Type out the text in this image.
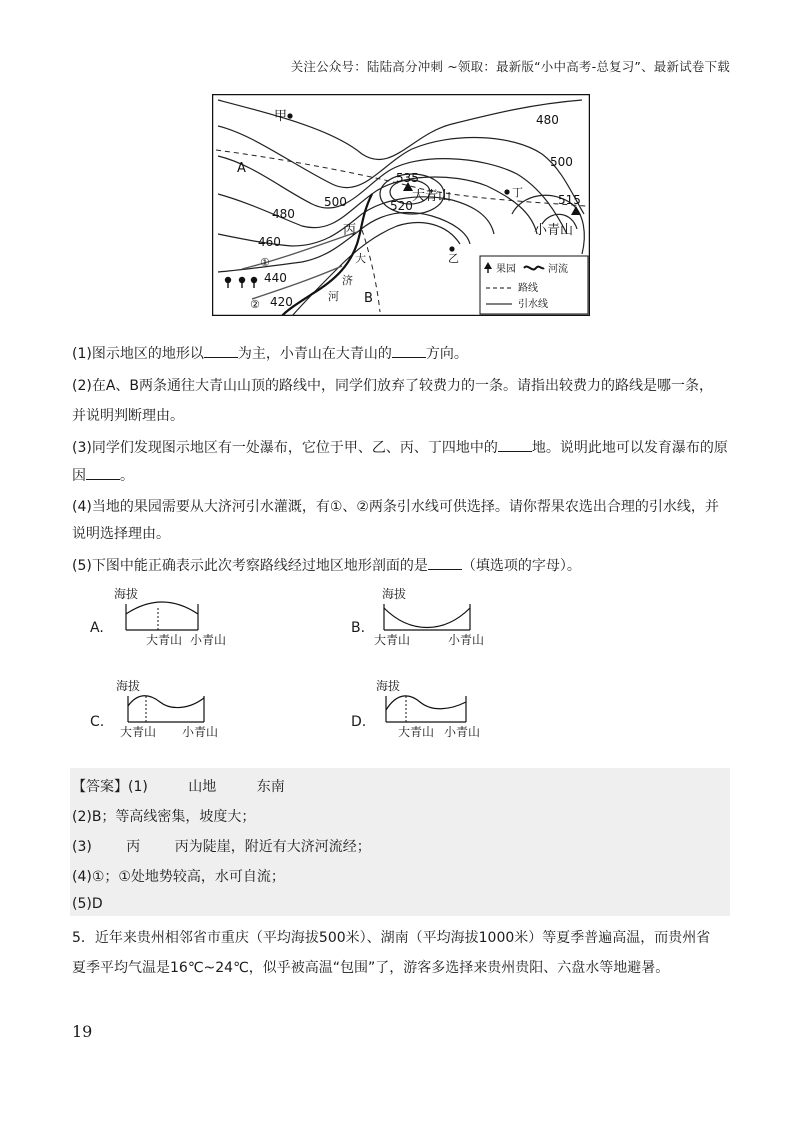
关注公众号：陆陆高分冲刺 ~领取：最新版“小中高考-总复习”、最新试卷下载
甲
A
B
丙
丁
乙
大青山
小青山
大
济
河
①
②
480
500
515
535
520
500
480
460
440
420
果园	河流
路线
引水线
(1)图示地区的地形以 为主，小青山在大青山的 方向。
(2)在A、B两条通往大青山山顶的路线中，同学们放弃了较费力的一条。请指出较费力的路线是哪一条，
并说明判断理由。
(3)同学们发现图示地区有一处瀑布，它位于甲、乙、丙、丁四地中的 地。说明此地可以发育瀑布的原
因 。
(4)当地的果园需要从大济河引水灌溉，有①、②两条引水线可供选择。请你帮果农选出合理的引水线，并
说明选择理由。
(5)下图中能正确表示此次考察路线经过地区地形剖面的是 （填选项的字母）。
A.
海拔
大青山 小青山
B.
海拔
大青山	小青山
C.
海拔
大青山 小青山
D.
海拔
大青山 小青山
【答案】(1)	山地	东南
(2)B；等高线密集，坡度大；
(3) 丙 丙为陡崖，附近有大济河流经；
(4)①；①处地势较高，水可自流；
(5)D
5．近年来贵州相邻省市重庆（平均海拔500米）、湖南（平均海拔1000米）等夏季普遍高温，而贵州省
夏季平均气温是16℃~24℃，似乎被高温“包围”了，游客多选择来贵州贵阳、六盘水等地避暑。
19
